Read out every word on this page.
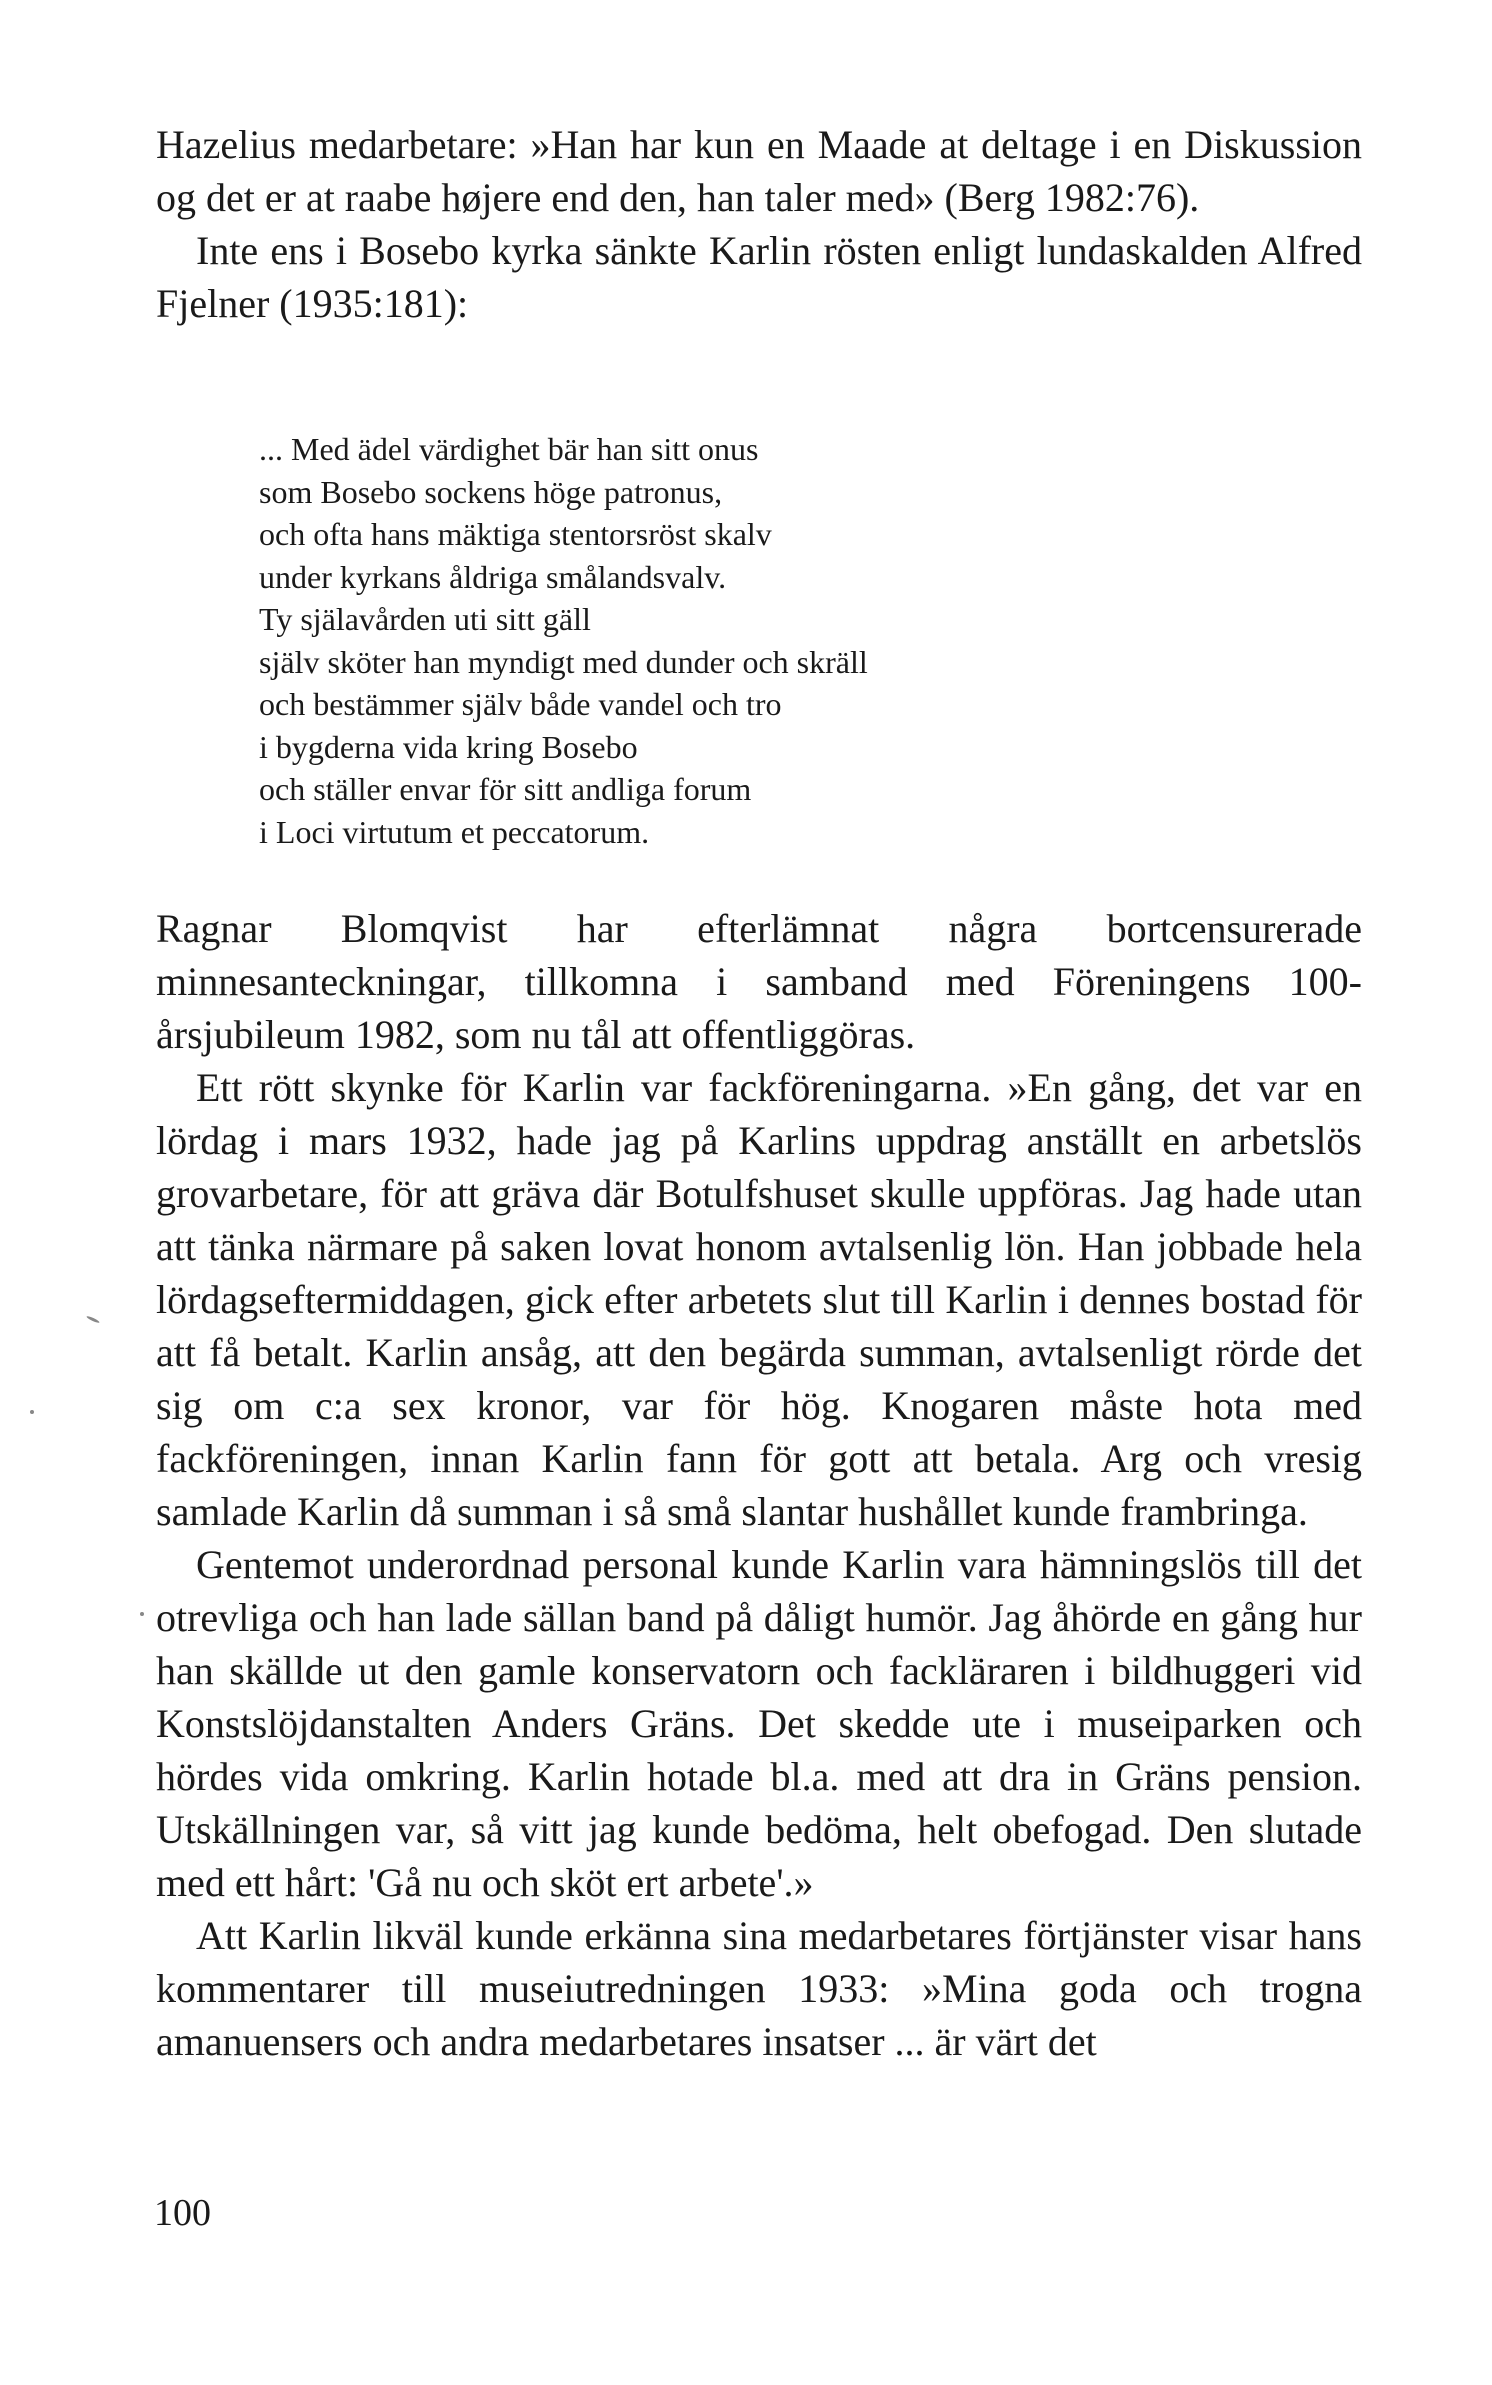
Hazelius medarbetare: »Han har kun en Maade at deltage i en Diskussion og det er at raabe højere end den, han taler med» (Berg 1982:76).

Inte ens i Bosebo kyrka sänkte Karlin rösten enligt lundaskalden Alfred Fjelner (1935:181):

... Med ädel värdighet bär han sitt onus
som Bosebo sockens höge patronus,
och ofta hans mäktiga stentorsröst skalv
under kyrkans åldriga smålandsvalv.
Ty själavården uti sitt gäll
själv sköter han myndigt med dunder och skräll
och bestämmer själv både vandel och tro
i bygderna vida kring Bosebo
och ställer envar för sitt andliga forum
i Loci virtutum et peccatorum.

Ragnar Blomqvist har efterlämnat några bortcensurerade minnesanteckningar, tillkomna i samband med Föreningens 100-årsjubileum 1982, som nu tål att offentliggöras.

Ett rött skynke för Karlin var fackföreningarna. »En gång, det var en lördag i mars 1932, hade jag på Karlins uppdrag anställt en arbetslös grovarbetare, för att gräva där Botulfshuset skulle uppföras. Jag hade utan att tänka närmare på saken lovat honom avtalsenlig lön. Han jobbade hela lördagseftermiddagen, gick efter arbetets slut till Karlin i dennes bostad för att få betalt. Karlin ansåg, att den begärda summan, avtalsenligt rörde det sig om c:a sex kronor, var för hög. Knogaren måste hota med fackföreningen, innan Karlin fann för gott att betala. Arg och vresig samlade Karlin då summan i så små slantar hushållet kunde frambringa.

Gentemot underordnad personal kunde Karlin vara hämningslös till det otrevliga och han lade sällan band på dåligt humör. Jag åhörde en gång hur han skällde ut den gamle konservatorn och fackläraren i bildhuggeri vid Konstslöjdanstalten Anders Gräns. Det skedde ute i museiparken och hördes vida omkring. Karlin hotade bl.a. med att dra in Gräns pension. Utskällningen var, så vitt jag kunde bedöma, helt obefogad. Den slutade med ett hårt: 'Gå nu och sköt ert arbete'.»

Att Karlin likväl kunde erkänna sina medarbetares förtjänster visar hans kommentarer till museiutredningen 1933: »Mina goda och trogna amanuensers och andra medarbetares insatser ... är värt det

100
